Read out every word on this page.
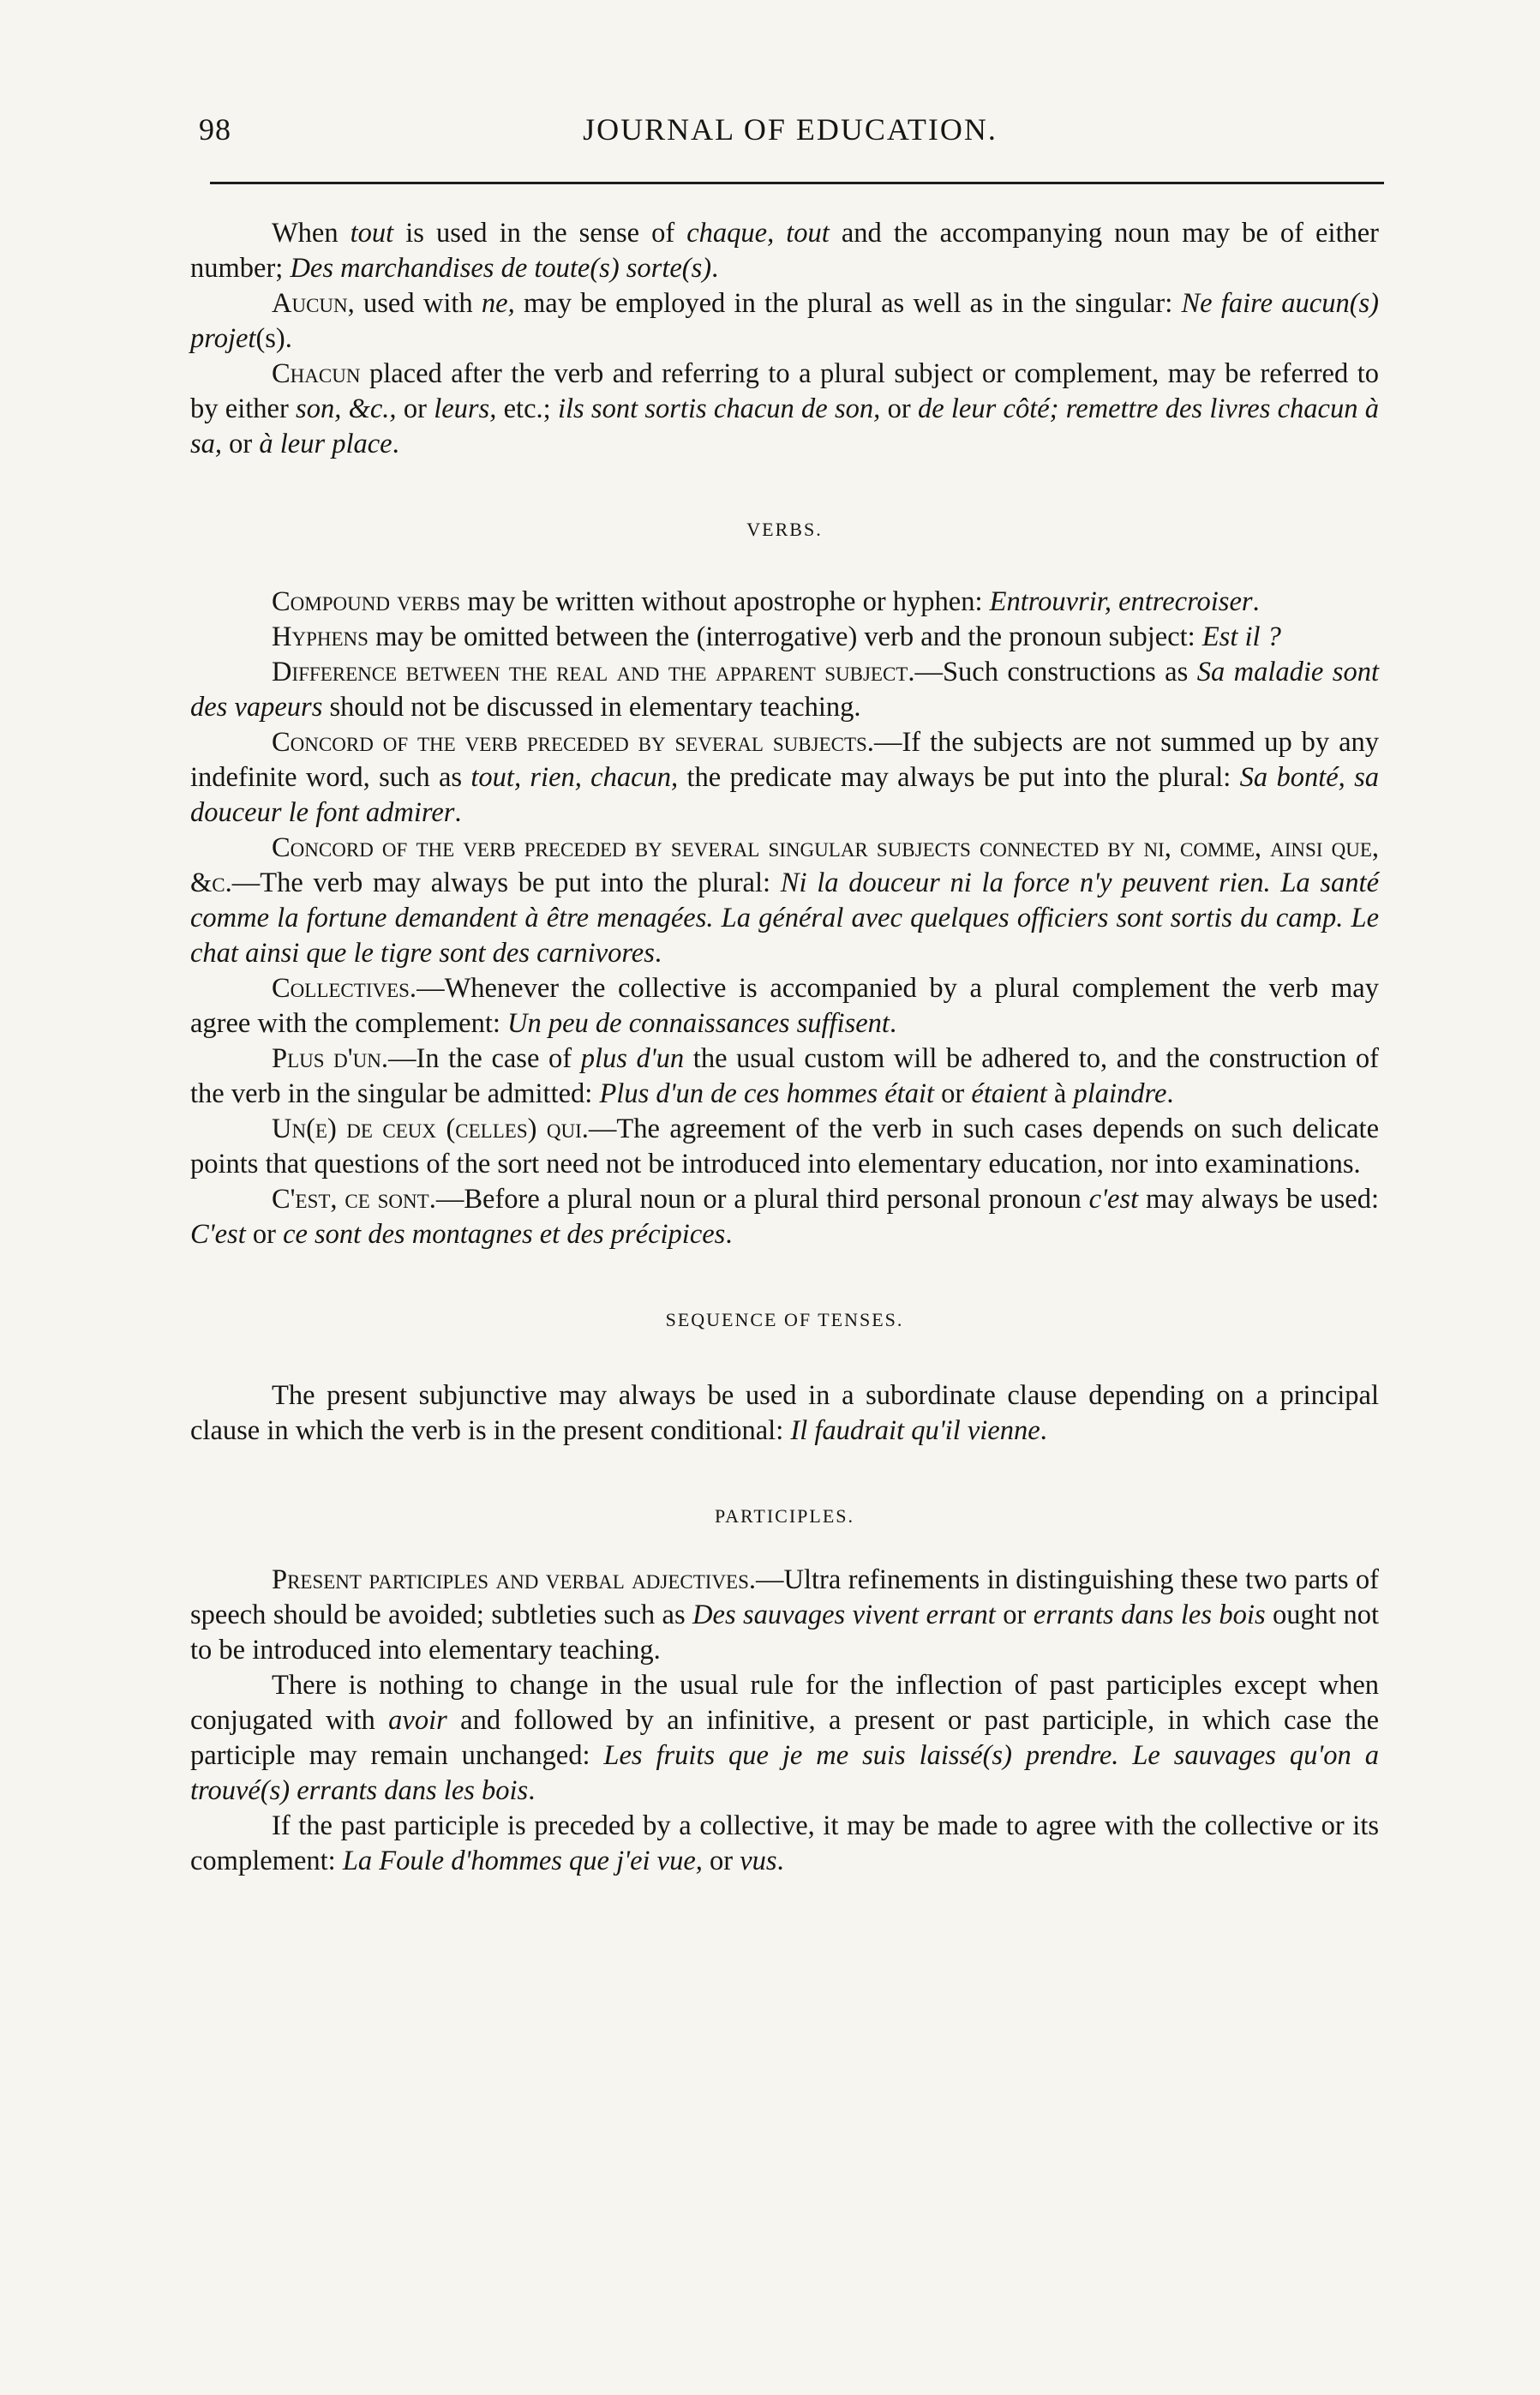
98	JOURNAL OF EDUCATION.

When tout is used in the sense of chaque, tout and the accompanying noun may be of either number; Des marchandises de toute(s) sorte(s).

Aucun, used with ne, may be employed in the plural as well as in the singular: Ne faire aucun(s) projet(s).

Chacun placed after the verb and referring to a plural subject or complement, may be referred to by either son, &c., or leurs, etc.; ils sont sortis chacun de son, or de leur côté; remettre des livres chacun à sa, or à leur place.

VERBS.

Compound verbs may be written without apostrophe or hyphen: Entrouvrir, entrecroiser.

Hyphens may be omitted between the (interrogative) verb and the pronoun subject: Est il ?

Difference between the real and the apparent subject.—Such constructions as Sa maladie sont des vapeurs should not be discussed in elementary teaching.

Concord of the verb preceded by several subjects.—If the subjects are not summed up by any indefinite word, such as tout, rien, chacun, the predicate may always be put into the plural: Sa bonté, sa douceur le font admirer.

Concord of the verb preceded by several singular subjects connected by ni, comme, ainsi que, &c.—The verb may always be put into the plural: Ni la douceur ni la force n'y peuvent rien. La santé comme la fortune demandent à être menagées. La général avec quelques officiers sont sortis du camp. Le chat ainsi que le tigre sont des carnivores.

Collectives.—Whenever the collective is accompanied by a plural complement the verb may agree with the complement: Un peu de connaissances suffisent.

Plus d'un.—In the case of plus d'un the usual custom will be adhered to, and the construction of the verb in the singular be admitted: Plus d'un de ces hommes était or étaient à plaindre.

Un(e) de ceux (celles) qui.—The agreement of the verb in such cases depends on such delicate points that questions of the sort need not be introduced into elementary education, nor into examinations.

C'est, ce sont.—Before a plural noun or a plural third personal pronoun c'est may always be used: C'est or ce sont des montagnes et des précipices.

SEQUENCE OF TENSES.

The present subjunctive may always be used in a subordinate clause depending on a principal clause in which the verb is in the present conditional: Il faudrait qu'il vienne.

PARTICIPLES.

Present participles and verbal adjectives.—Ultra refinements in distinguishing these two parts of speech should be avoided; subtleties such as Des sauvages vivent errant or errants dans les bois ought not to be introduced into elementary teaching.

There is nothing to change in the usual rule for the inflection of past participles except when conjugated with avoir and followed by an infinitive, a present or past participle, in which case the participle may remain unchanged: Les fruits que je me suis laissé(s) prendre. Le sauvages qu'on a trouvé(s) errants dans les bois.

If the past participle is preceded by a collective, it may be made to agree with the collective or its complement: La Foule d'hommes que j'ei vue, or vus.
